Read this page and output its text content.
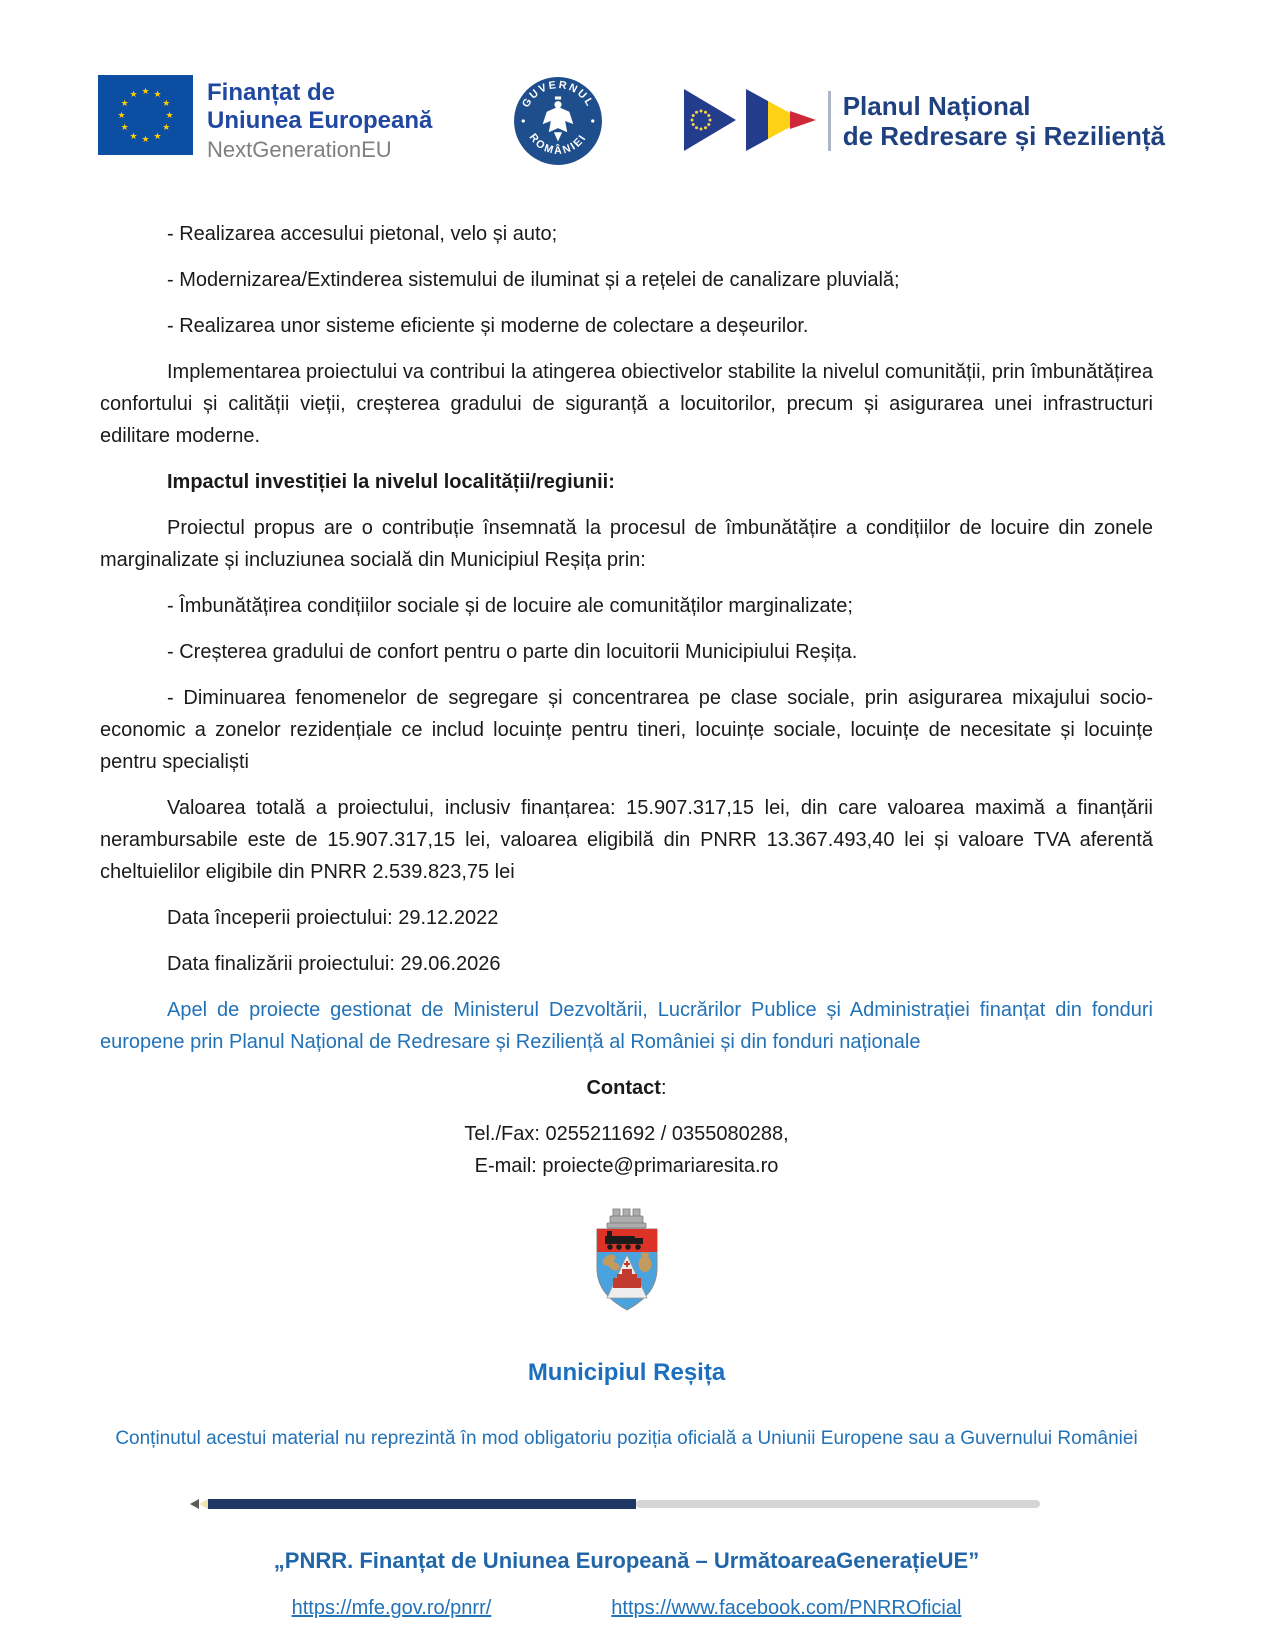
★
★
★
★
★
★
★
★
★ ★ ★
★
Finanțat de
Uniunea Europeană
NextGenerationEU
GUVERNUL
ROMÂNIEI
Planul Național
de Redresare și Reziliență

- Realizarea accesului pietonal, velo și auto;

- Modernizarea/Extinderea sistemului de iluminat și a rețelei de canalizare pluvială;

- Realizarea unor sisteme eficiente și moderne de colectare a deșeurilor.

Implementarea proiectului va contribui la atingerea obiectivelor stabilite la nivelul comunității, prin îmbunătățirea confortului și calității vieții, creșterea gradului de siguranță a locuitorilor, precum și asigurarea unei infrastructuri edilitare moderne.

Impactul investiției la nivelul localității/regiunii:

Proiectul propus are o contribuție însemnată la procesul de îmbunătățire a condițiilor de locuire din zonele marginalizate și incluziunea socială din Municipiul Reșița prin:

- Îmbunătățirea condițiilor sociale și de locuire ale comunităților marginalizate;

- Creșterea gradului de confort pentru o parte din locuitorii Municipiului Reșița.

- Diminuarea fenomenelor de segregare și concentrarea pe clase sociale, prin asigurarea mixajului socio-economic a zonelor rezidențiale ce includ locuințe pentru tineri, locuințe sociale, locuințe de necesitate și locuințe pentru specialiști

Valoarea totală a proiectului, inclusiv finanțarea: 15.907.317,15 lei, din care valoarea maximă a finanțării nerambursabile este de 15.907.317,15 lei, valoarea eligibilă din PNRR 13.367.493,40 lei și valoare TVA aferentă cheltuielilor eligibile din PNRR 2.539.823,75 lei

Data începerii proiectului: 29.12.2022

Data finalizării proiectului: 29.06.2026

Apel de proiecte gestionat de Ministerul Dezvoltării, Lucrărilor Publice și Administrației finanțat din fonduri europene prin Planul Național de Redresare și Reziliență al României și din fonduri naționale

Contact:

Tel./Fax: 0255211692 / 0355080288,
E-mail: proiecte@primariaresita.ro

Municipiul Reșița
Conținutul acestui material nu reprezintă în mod obligatoriu poziția oficială a Uniunii Europene sau a Guvernului României
„PNRR. Finanțat de Uniunea Europeană – UrmătoareaGenerațieUE”
https://mfe.gov.ro/pnrr/	https://www.facebook.com/PNRROficial
